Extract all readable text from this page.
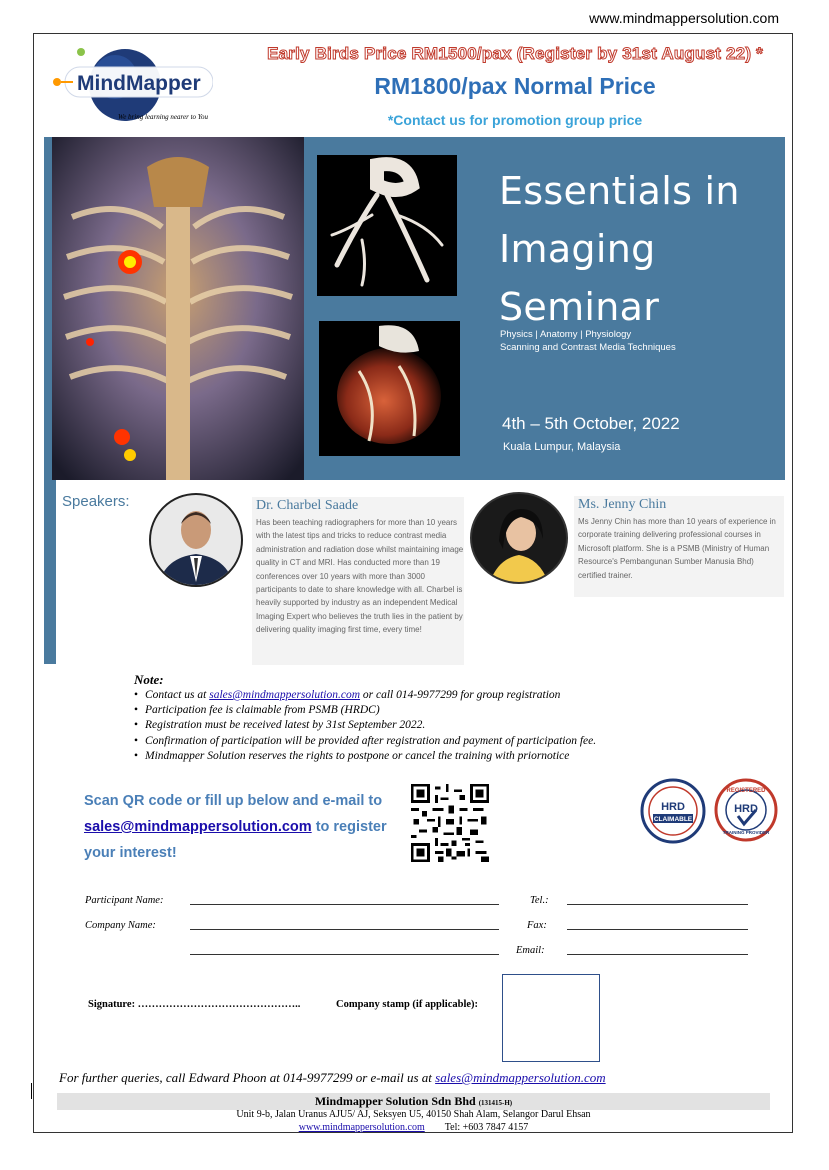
www.mindmappersolution.com
MindMapper
We bring learning nearer to You
Early Birds Price RM1500/pax (Register by 31st August 22) *
RM1800/pax Normal Price
*Contact us for promotion group price
Essentials in
Imaging
Seminar
Physics | Anatomy | Physiology
Scanning and Contrast Media Techniques
4th – 5th October, 2022
Kuala Lumpur, Malaysia
Speakers:	Dr. Charbel Saade
Has been teaching radiographers for more than 10 years with the latest tips and tricks to reduce contrast media administration and radiation dose whilst maintaining image quality in CT and MRI. Has conducted more than 19 conferences over 10 years with more than 3000 participants to date to share knowledge with all. Charbel is heavily supported by industry as an independent Medical Imaging Expert who believes the truth lies in the patient by delivering quality imaging first time, every time!
Ms. Jenny Chin
Ms Jenny Chin has more than 10 years of experience in corporate training delivering professional courses in Microsoft platform. She is a PSMB (Ministry of Human Resource's Pembangunan Sumber Manusia Bhd) certified trainer.
Note:
• Contact us at sales@mindmappersolution.com or call 014-9977299 for group registration
• Participation fee is claimable from PSMB (HRDC)
• Registration must be received latest by 31st September 2022.
• Confirmation of participation will be provided after registration and payment of participation fee.
• Mindmapper Solution reserves the rights to postpone or cancel the training with priornotice
Scan QR code or fill up below and e-mail to
sales@mindmappersolution.com to register
your interest!
HRD
CLAIMABLE
REGISTERED
HRD
TRAINING PROVIDER
Participant Name:	Tel.:
Company Name:	Fax:
Email:
Signature: ………………………………………..	Company stamp (if applicable):
For further queries, call Edward Phoon at 014-9977299 or e-mail us at sales@mindmappersolution.com
Mindmapper Solution Sdn Bhd (131415-H)
Unit 9-b, Jalan Uranus AJU5/ AJ, Seksyen U5, 40150 Shah Alam, Selangor Darul Ehsan
www.mindmappersolution.com Tel: +603 7847 4157
